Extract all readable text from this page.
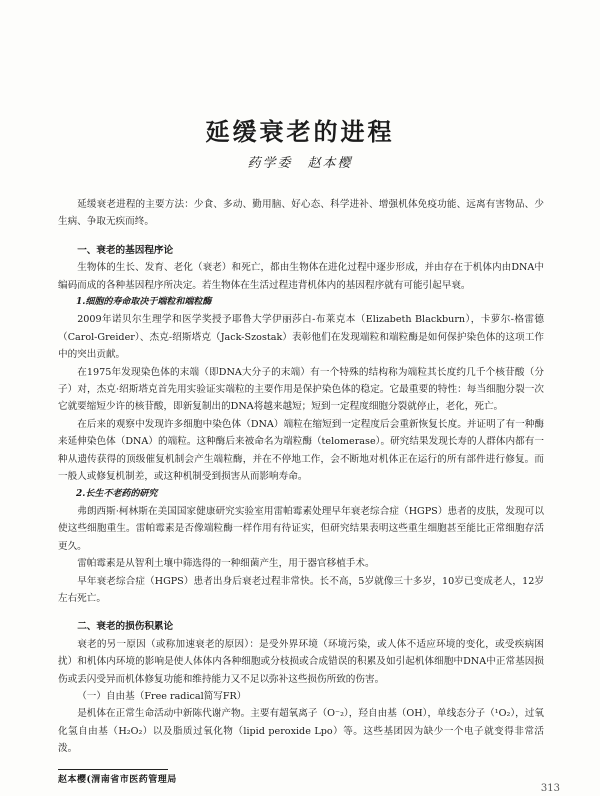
延缓衰老的进程
药学委　赵本樱

延缓衰老进程的主要方法：少食、多动、勤用脑、好心态、科学进补、增强机体免疫功能、远离有害物品、少生病、争取无疾而终。

一、衰老的基因程序论

生物体的生长、发育、老化（衰老）和死亡，都由生物体在进化过程中逐步形成，并由存在于机体内由DNA中编码而成的各种基因程序所决定。若生物体在生活过程违背机体内的基因程序就有可能引起早衰。

1.细胞的寿命取决于端粒和端粒酶

2009年诺贝尔生理学和医学奖授予耶鲁大学伊丽莎白-布莱克本（Elizabeth Blackburn），卡萝尔-格雷德（Carol-Greider）、杰克-绍斯塔克（Jack-Szostak）表彰他们在发现端粒和端粒酶是如何保护染色体的这项工作中的突出贡献。

在1975年发现染色体的末端（即DNA大分子的末端）有一个特殊的结构称为端粒其长度约几千个核苷酸（分子）对，杰克·绍斯塔克首先用实验证实端粒的主要作用是保护染色体的稳定。它最重要的特性：每当细胞分裂一次它就要缩短少许的核苷酸，即新复制出的DNA将越来越短；短到一定程度细胞分裂就停止，老化，死亡。

在后来的观察中发现许多细胞中染色体（DNA）端粒在缩短到一定程度后会重新恢复长度。并证明了有一种酶来延伸染色体（DNA）的端粒。这种酶后来被命名为端粒酶（telomerase）。研究结果发现长寿的人群体内都有一种从遗传获得的顶级催复机制会产生端粒酶，并在不停地工作，会不断地对机体正在运行的所有部件进行修复。而一般人或修复机制差，或这种机制受到损害从而影响寿命。

2.长生不老药的研究

弗朗西斯·柯林斯在美国国家健康研究实验室用雷帕霉素处理早年衰老综合症（HGPS）患者的皮肤，发现可以使这些细胞重生。雷帕霉素是否像端粒酶一样作用有待证实，但研究结果表明这些重生细胞甚至能比正常细胞存活更久。

雷帕霉素是从智利土壤中筛选得的一种细菌产生，用于器官移植手术。

早年衰老综合症（HGPS）患者出身后衰老过程非常快。长不高，5岁就像三十多岁，10岁已变成老人，12岁左右死亡。

二、衰老的损伤积累论

衰老的另一原因（或称加速衰老的原因）：是受外界环境（环境污染，或人体不适应环境的变化，或受疾病困扰）和机体内环境的影响是使人体体内各种细胞或分枝损或合成错误的积累及如引起机体细胞中DNA中正常基因损伤或丢闪受异而机体修复功能和维持能力又不足以弥补这些损伤所致的伤害。

（一）自由基（Free radical简写FR）

是机体在正常生命活动中新陈代谢产物。主要有超氧离子（O⁻₂），羟自由基（OH），单线态分子（¹O₂），过氧化氢自由基（H₂O₂）以及脂质过氧化物（lipid peroxide Lpo）等。这些基团因为缺少一个电子就变得非常活泼。

赵本樱(渭南省市医药管理局
313
